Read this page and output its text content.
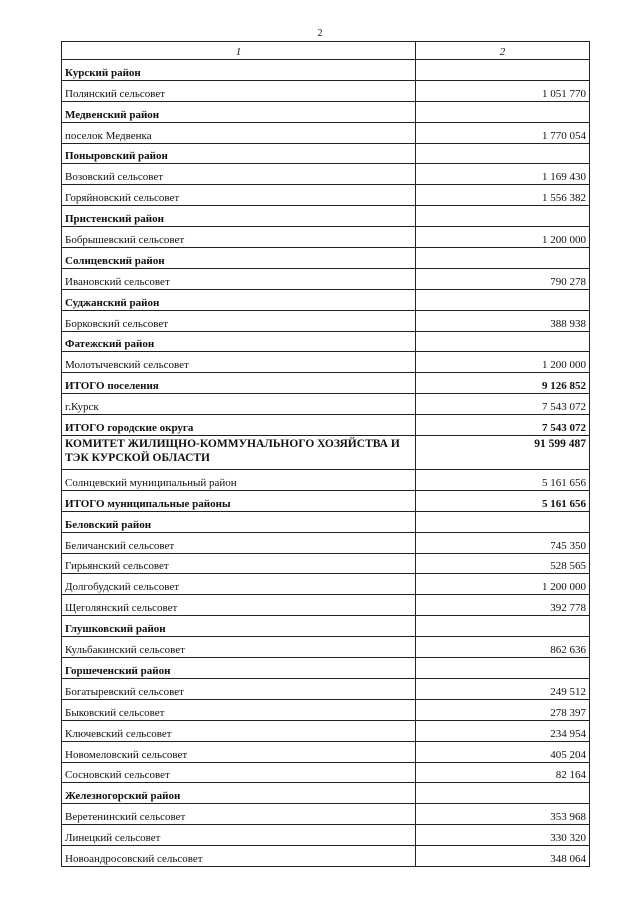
2
1	2
Курский район	
Полянский сельсовет	1 051 770
Медвенский район	
поселок Медвенка	1 770 054
Поныровский район	
Возовский сельсовет	1 169 430
Горяйновский сельсовет	1 556 382
Пристенский район	
Бобрышевский сельсовет	1 200 000
Солнцевский район	
Ивановский сельсовет	790 278
Суджанский район	
Борковский сельсовет	388 938
Фатежский район	
Молотычевский сельсовет	1 200 000
ИТОГО поселения	9 126 852
г.Курск	7 543 072
ИТОГО городские округа	7 543 072
КОМИТЕТ ЖИЛИЩНО-КОММУНАЛЬНОГО ХОЗЯЙСТВА И ТЭК КУРСКОЙ ОБЛАСТИ	91 599 487
Солнцевский муниципальный район	5 161 656
ИТОГО муниципальные районы	5 161 656
Беловский район	
Беличанский сельсовет	745 350
Гирьянский сельсовет	528 565
Долгобудский сельсовет	1 200 000
Щеголянский сельсовет	392 778
Глушковский район	
Кульбакинский сельсовет	862 636
Горшеченский район	
Богатыревский сельсовет	249 512
Быковский сельсовет	278 397
Ключевский сельсовет	234 954
Новомеловский сельсовет	405 204
Сосновский сельсовет	82 164
Железногорский район	
Веретенинский сельсовет	353 968
Линецкий сельсовет	330 320
Новоандросовский сельсовет	348 064
